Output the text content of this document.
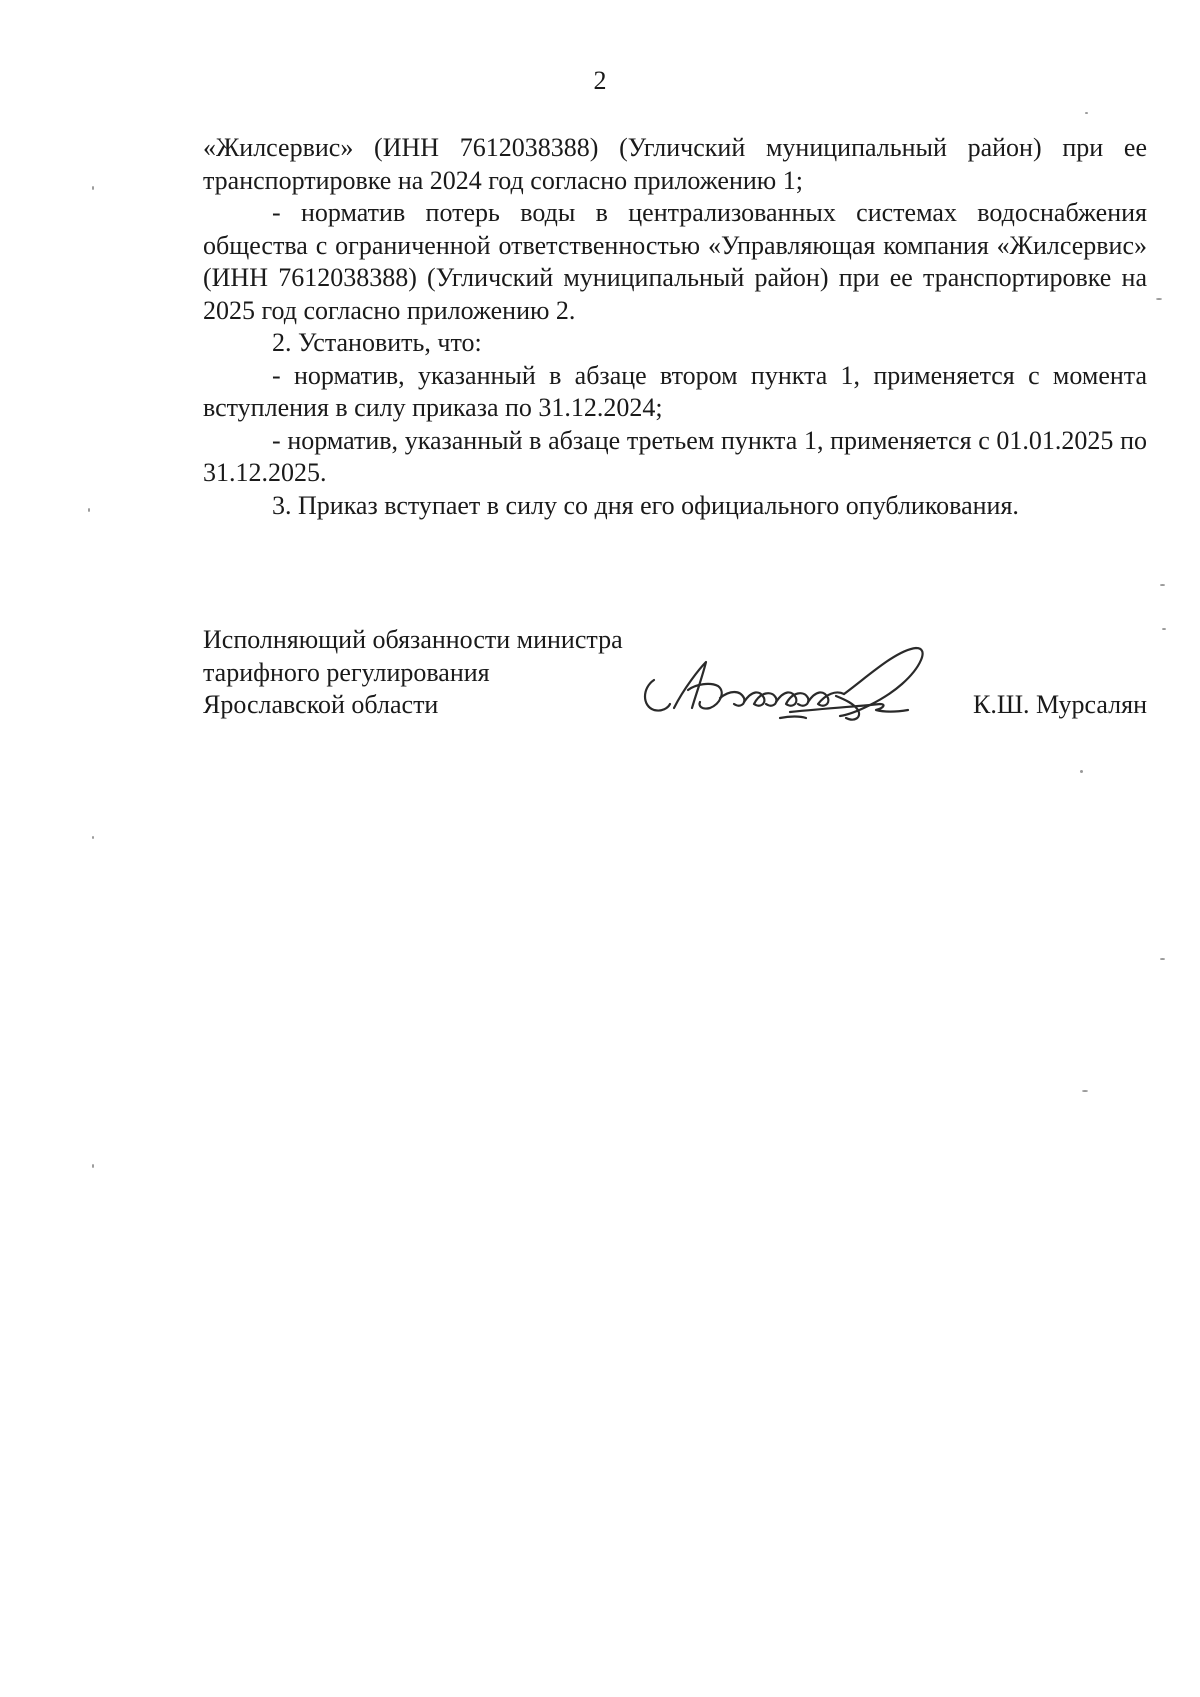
2

«Жилсервис» (ИНН 7612038388) (Угличский муниципальный район) при ее транспортировке на 2024 год согласно приложению 1;

- норматив потерь воды в централизованных системах водоснабжения общества с ограниченной ответственностью «Управляющая компания «Жилсервис» (ИНН 7612038388) (Угличский муниципальный район) при ее транспортировке на 2025 год согласно приложению 2.

2. Установить, что:

- норматив, указанный в абзаце втором пункта 1, применяется с момента вступления в силу приказа по 31.12.2024;

- норматив, указанный в абзаце третьем пункта 1, применяется с 01.01.2025 по 31.12.2025.

3. Приказ вступает в силу со дня его официального опубликования.

Исполняющий обязанности министра
тарифного регулирования
Ярославской области	К.Ш. Мурсалян
